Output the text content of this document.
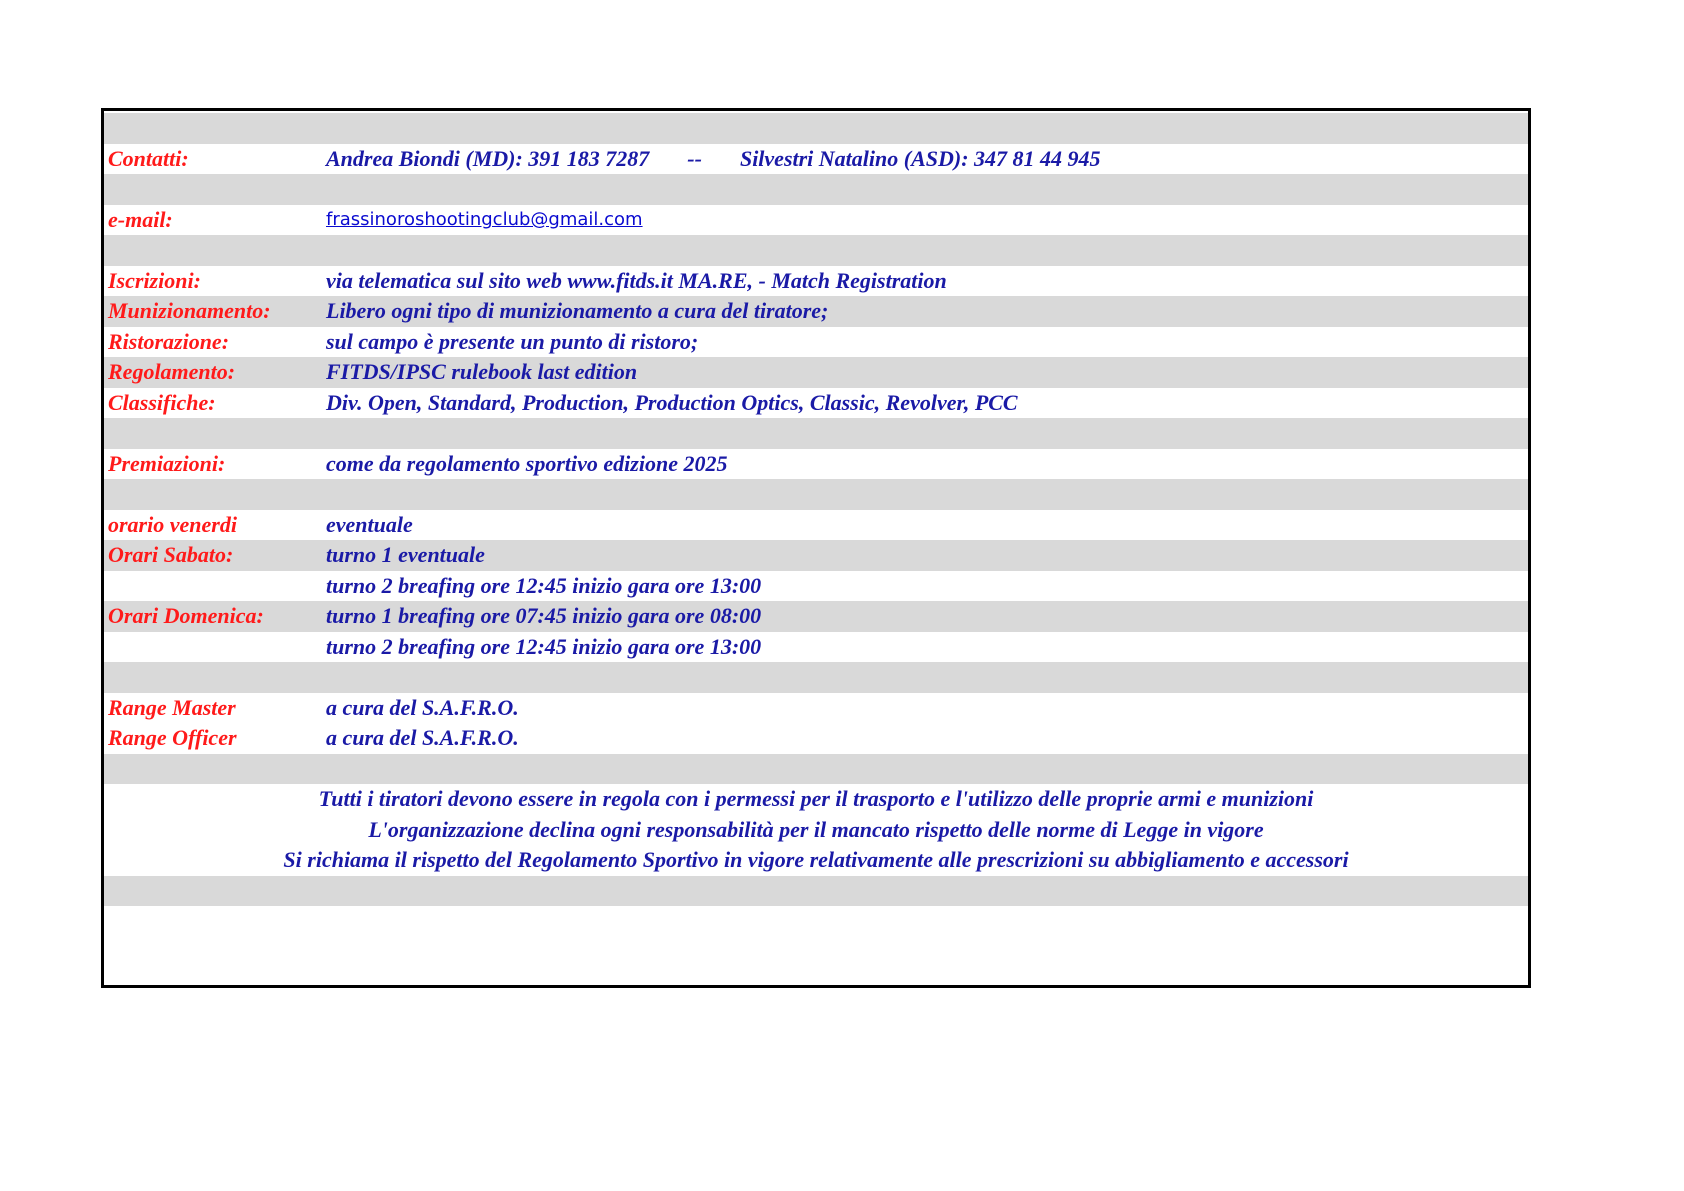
Contatti:	Andrea Biondi (MD): 391 183 7287 -- Silvestri Natalino (ASD): 347 81 44 945
e-mail:	frassinoroshootingclub@gmail.com
Iscrizioni:	via telematica sul sito web www.fitds.it MA.RE, - Match Registration
Munizionamento:	Libero ogni tipo di munizionamento a cura del tiratore;
Ristorazione:	sul campo è presente un punto di ristoro;
Regolamento:	FITDS/IPSC rulebook last edition
Classifiche:	Div. Open, Standard, Production, Production Optics, Classic, Revolver, PCC
Premiazioni:	come da regolamento sportivo edizione 2025
orario venerdi	eventuale
Orari Sabato:	turno 1 eventuale
turno 2 breafing ore 12:45 inizio gara ore 13:00
Orari Domenica:	turno 1 breafing ore 07:45 inizio gara ore 08:00
turno 2 breafing ore 12:45 inizio gara ore 13:00
Range Master	a cura del S.A.F.R.O.
Range Officer	a cura del S.A.F.R.O.
Tutti i tiratori devono essere in regola con i permessi per il trasporto e l'utilizzo delle proprie armi e munizioni
L'organizzazione declina ogni responsabilità per il mancato rispetto delle norme di Legge in vigore
Si richiama il rispetto del Regolamento Sportivo in vigore relativamente alle prescrizioni su abbigliamento e accessori
